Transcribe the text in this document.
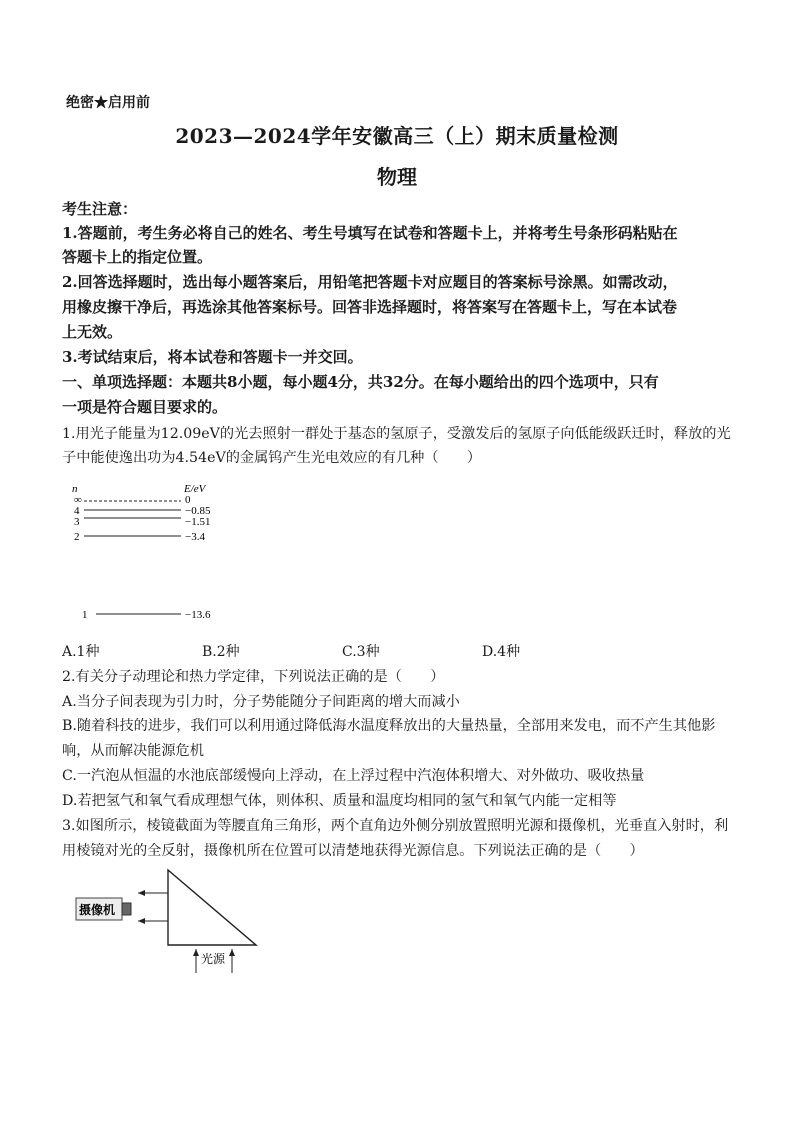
绝密★启用前
2023—2024学年安徽高三（上）期末质量检测
物理
考生注意：
1.答题前，考生务必将自己的姓名、考生号填写在试卷和答题卡上，并将考生号条形码粘贴在
答题卡上的指定位置。
2.回答选择题时，选出每小题答案后，用铅笔把答题卡对应题目的答案标号涂黑。如需改动，
用橡皮擦干净后，再选涂其他答案标号。回答非选择题时，将答案写在答题卡上，写在本试卷
上无效。
3.考试结束后，将本试卷和答题卡一并交回。
一、单项选择题：本题共8小题，每小题4分，共32分。在每小题给出的四个选项中，只有
一项是符合题目要求的。
1.用光子能量为12.09eV的光去照射一群处于基态的氢原子，受激发后的氢原子向低能级跃迁时，释放的光
子中能使逸出功为4.54eV的金属钨产生光电效应的有几种（　　）
n	E/eV
∞
4
3
2
1
0
−0.85
−1.51
−3.4
−13.6
A.1种	B.2种	C.3种	D.4种
2.有关分子动理论和热力学定律，下列说法正确的是（　　）
A.当分子间表现为引力时，分子势能随分子间距离的增大而减小
B.随着科技的进步，我们可以利用通过降低海水温度释放出的大量热量，全部用来发电，而不产生其他影
响，从而解决能源危机
C.一汽泡从恒温的水池底部缓慢向上浮动，在上浮过程中汽泡体积增大、对外做功、吸收热量
D.若把氢气和氧气看成理想气体，则体积、质量和温度均相同的氢气和氧气内能一定相等
3.如图所示，棱镜截面为等腰直角三角形，两个直角边外侧分别放置照明光源和摄像机，光垂直入射时，利
用棱镜对光的全反射，摄像机所在位置可以清楚地获得光源信息。下列说法正确的是（　　）
摄像机
光源
